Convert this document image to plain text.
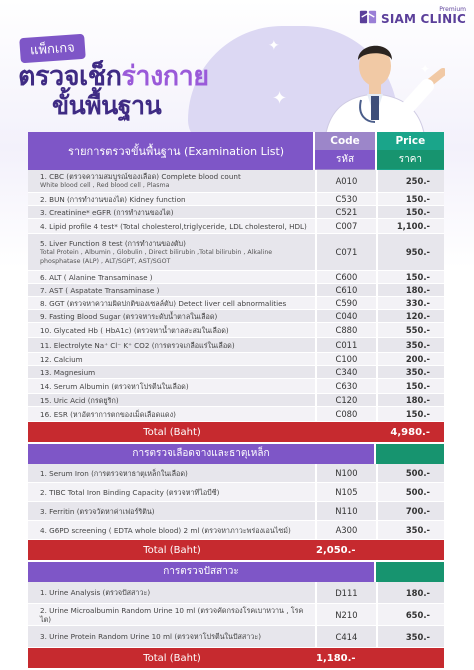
Premium
SIAM CLINIC
✦
✦
✦
แพ็กเกจ
ตรวจเช็กร่างกาย
ขั้นพื้นฐาน
รายการตรวจขั้นพื้นฐาน (Examination List)
Code
รหัส
Price
ราคา
1. CBC (ตรวจความสมบูรณ์ของเลือด) Complete blood count
White blood cell , Red blood cell , Plasma	A010	250.-
2. BUN (การทำงานของไต) Kidney function	C530	150.-
3. Creatinine* eGFR (การทำงานของไต)	C521	150.-
4. Lipid profile 4 test* (Total cholesterol,triglyceride, LDL cholesterol, HDL)	C007	1,100.-
5. Liver Function 8 test (การทำงานของตับ)
Total Protein , Albumin , Globulin , Direct bilirubin ,Total bilirubin , Alkaline phosphatase (ALP) , ALT/SGPT, AST/SGOT
C071	950.-
6. ALT ( Alanine Transaminase )	C600	150.-
7. AST ( Aspatate Transaminase )	C610	180.-
8. GGT (ตรวจหาความผิดปกติของเซลล์ตับ) Detect liver cell abnormalities	C590	330.-
9. Fasting Blood Sugar (ตรวจหาระดับน้ำตาลในเลือด)	C040	120.-
10. Glycated Hb ( HbA1c) (ตรวจหาน้ำตาลสะสมในเลือด)	C880	550.-
11. Electrolyte Na⁺ Cl⁻ K⁺ CO2 (การตรวจเกลือแร่ในเลือด)	C011	350.-
12. Calcium	C100	200.-
13. Magnesium	C340	350.-
14. Serum Albumin (ตรวจหาโปรตีนในเลือด)	C630	150.-
15. Uric Acid (กรดยูริก)	C120	180.-
16. ESR (หาอัตราการตกของเม็ดเลือดแดง)	C080	150.-
Total (Baht)	4,980.-
การตรวจเลือดจางและธาตุเหล็ก
1. Serum Iron (การตรวจหาธาตุเหล็กในเลือด)	N100	500.-
2. TIBC Total Iron Binding Capacity (ตรวจหาทีไอบีซี)	N105	500.-
3. Ferritin (ตรวจวัดหาค่าเฟอร์ริติน)	N110	700.-
4. G6PD screening ( EDTA whole blood) 2 ml (ตรวจหาภาวะพร่องเอนไซม์)	A300	350.-
Total (Baht)	2,050.-
การตรวจปัสสาวะ
1. Urine Analysis (ตรวจปัสสาวะ)	D111	180.-
2. Urine Microalbumin Random Urine 10 ml (ตรวจคัดกรองโรคเบาหวาน , โรคไต)	N210	650.-
3. Urine Protein Random Urine 10 ml (ตรวจหาโปรตีนในปัสสาวะ)	C414	350.-
Total (Baht)	1,180.-
